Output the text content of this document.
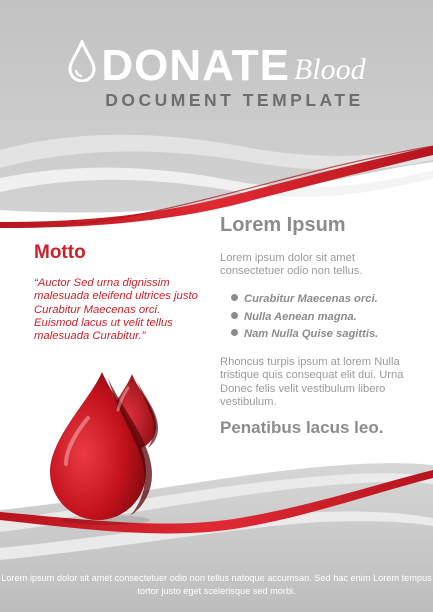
DONATE Blood
DOCUMENT TEMPLATE
Motto

“Auctor Sed urna dignissim malesuada eleifend ultrices justo Curabitur Maecenas orci. Euismod lacus ut velit tellus malesuada Curabitur.”

Lorem Ipsum

Lorem ipsum dolor sit amet consectetuer odio non tellus.

Curabitur Maecenas orci.
Nulla Aenean magna.
Nam Nulla Quise sagittis.

Rhoncus turpis ipsum at lorem Nulla tristique quis consequat elit dui. Urna Donec felis velit vestibulum libero vestibulum.

Penatibus lacus leo.

Lorem ipsum dolor sit amet consectetuer odio non tellus natoque accumsan. Sed hac enim Lorem tempus tortor justo eget scelerisque sed morbi.
